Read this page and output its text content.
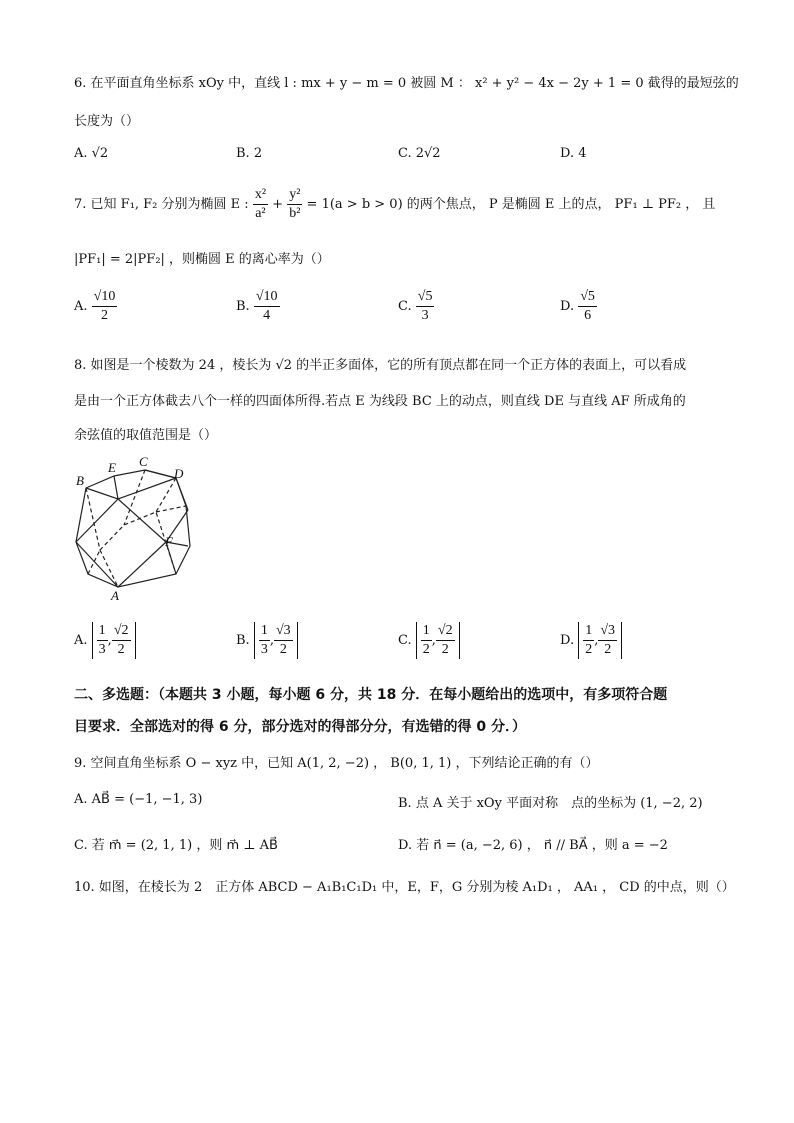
6. 在平面直角坐标系 xOy 中，直线 l : mx + y − m = 0 被圆 M ： x² + y² − 4x − 2y + 1 = 0 截得的最短弦的
长度为（）
A. √2	B. 2	C. 2√2	D. 4
7. 已知 F₁, F₂ 分别为椭圆 E : $\frac{\text{x²}}{\text{a²}} + \frac{\text{y²}}{\text{b²}} = 1(a > b > 0)$ 的两个焦点， P 是椭圆 E 上的点， PF₁ ⊥ PF₂ ， 且
|PF₁| = 2|PF₂| ，则椭圆 E 的离心率为（）
A. $\frac{√10}{2}$	B. $\frac{√10}{4}$	C. $\frac{√5}{3}$	D. $\frac{√5}{6}$
8. 如图是一个棱数为 24 ，棱长为 √2 的半正多面体，它的所有顶点都在同一个正方体的表面上，可以看成
是由一个正方体截去八个一样的四面体所得.若点 E 为线段 BC 上的动点，则直线 DE 与直线 AF 所成角的
余弦值的取值范围是（）
B
E C
D
F
A
A. $\frac{1}{3}$ , $\frac{√2}{2}$	B. $\frac{1}{3}$ , $\frac{√3}{2}$	C. $\frac{1}{2}$ , $\frac{√2}{2}$	D. $\frac{1}{2}$ , $\frac{√3}{2}$
二、多选题：（本题共 3 小题，每小题 6 分，共 18 分．在每小题给出的选项中，有多项符合题
目要求．全部选对的得 6 分，部分选对的得部分分，有选错的得 0 分．）
9. 空间直角坐标系 O − xyz 中，已知 A(1, 2, −2) ， B(0, 1, 1) ，下列结论正确的有（）
A. AB⃗ = (−1, −1, 3)	B. 点 A 关于 xOy 平面对称　点的坐标为 (1, −2, 2)
C. 若 m⃗ = (2, 1, 1) ，则 m⃗ ⊥ AB⃗	D. 若 n⃗ = (a, −2, 6) ， n⃗ // BA⃗ ，则 a = −2
10. 如图，在棱长为 2　正方体 ABCD − A₁B₁C₁D₁ 中，E，F，G 分别为棱 A₁D₁ ， AA₁ ， CD 的中点，则（）
